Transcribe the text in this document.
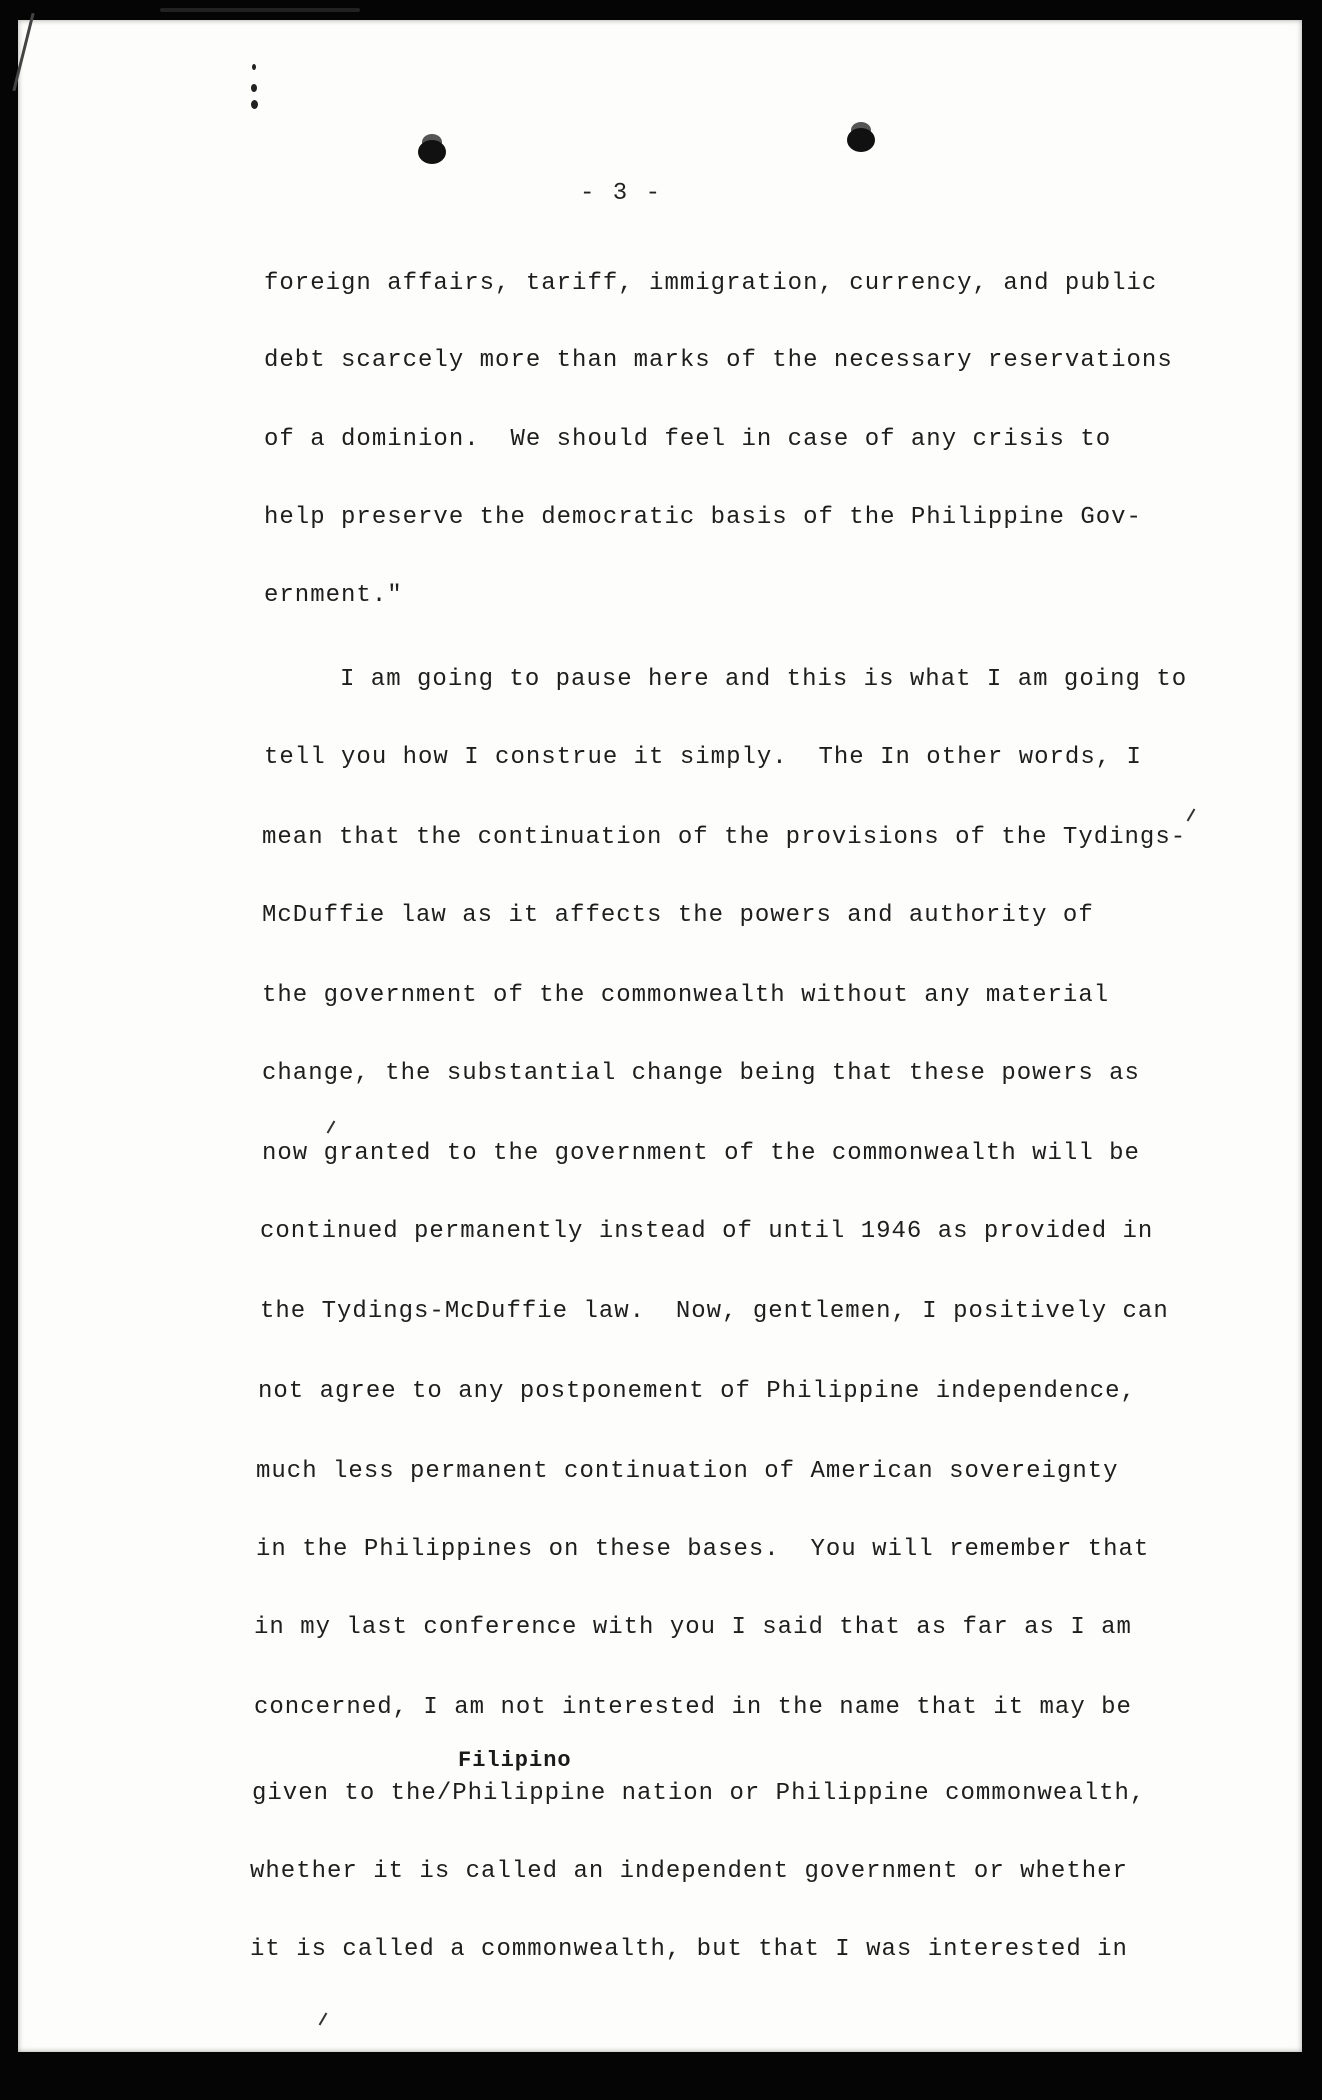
- 3 -
foreign affairs, tariff, immigration, currency, and public
debt scarcely more than marks of the necessary reservations
of a dominion.  We should feel in case of any crisis to
help preserve the democratic basis of the Philippine Gov-
ernment."
I am going to pause here and this is what I am going to
tell you how I construe it simply.  The In other words, I
mean that the continuation of the provisions of the Tydings-
McDuffie law as it affects the powers and authority of
the government of the commonwealth without any material
change, the substantial change being that these powers as
now granted to the government of the commonwealth will be
continued permanently instead of until 1946 as provided in
the Tydings-McDuffie law.  Now, gentlemen, I positively can
not agree to any postponement of Philippine independence,
much less permanent continuation of American sovereignty
in the Philippines on these bases.  You will remember that
in my last conference with you I said that as far as I am
concerned, I am not interested in the name that it may be
given to the/Philippine nation or Philippine commonwealth,
whether it is called an independent government or whether
it is called a commonwealth, but that I was interested in
Filipino
